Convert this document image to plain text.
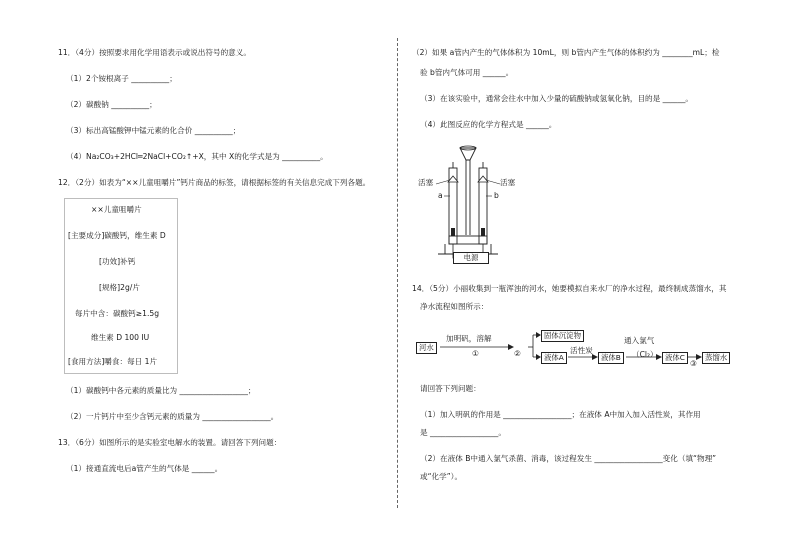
11．（4分）按照要求用化学用语表示或说出符号的意义。
（1）2个铵根离子 __________；
（2）碳酸钠 __________；
（3）标出高锰酸钾中锰元素的化合价 __________；
（4）Na₂CO₃+2HCl═2NaCl+CO₂↑+X，其中 X的化学式是为 __________。
12．（2分）如表为“××儿童咀嚼片”钙片商品的标签，请根据标签的有关信息完成下列各题。
××儿童咀嚼片
[主要成分]碳酸钙，维生素 D
[功效]补钙
[规格]2g/片
每片中含：碳酸钙≥1.5g
维生素 D 100 IU
[食用方法]嚼食：每日 1片
（1）碳酸钙中各元素的质量比为 __________________；
（2）一片钙片中至少含钙元素的质量为 __________________。
13．（6分）如图所示的是实验室电解水的装置。请回答下列问题：
（1）接通直流电后a管产生的气体是 ______。
（2）如果 a管内产生的气体体积为 10mL，则 b管内产生气体的体积约为 ________mL；检
验 b管内气体可用 ______。
（3）在该实验中，通常会往水中加入少量的硫酸钠或氢氧化钠，目的是 ______。
（4）此图反应的化学方程式是 ______。
活塞	活塞
a	b
电源
14．（5分）小丽收集到一瓶浑浊的河水，她要模拟自来水厂的净水过程，最终制成蒸馏水，其
净水流程如图所示：
河水
加明矾，溶解
①	②
固体沉淀物
液体A
活性炭
液体B
通入氯气
（Cl₂） 液体C
③
蒸馏水
请回答下列问题：
（1）加入明矾的作用是 __________________；在液体 A中加入加入活性炭，其作用
是 __________________。
（2）在液体 B中通入氯气杀菌、消毒，该过程发生 __________________变化（填“物理”
或“化学”）。
